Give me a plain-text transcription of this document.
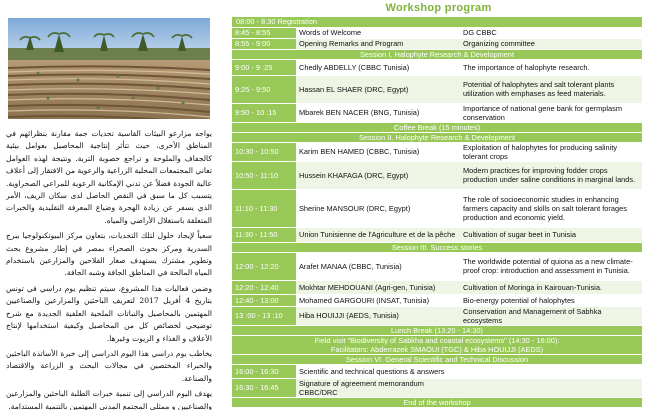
يواجه مزارعو البيئات القاسية تحديات جمة مقارنة بنظرائهم في المناطق الأخرى، حيث تتأثر إنتاجية المحاصيل بعوامل بيئية كالجفاف والملوحة و تراجع خصوبة التربة. ونتيجة لهذه العوامل تعاني المجتمعات المحلية الزراعية والرعوية من الافتقار إلى أعلاف عالية الجودة فضلاً عن تدني الإمكانية الرعوية للمراعي الصحراوية. يتسبب كل ما سبق في النقص الحاصل لدى سكان الريف، الأمر الذي يسفر عن زيادة الهجرة وضياع المعرفة التقليدية والخبرات المتعلقة باستغلال الأراضي والمياه.

سعياً لإيجاد حلول لتلك التحديات، يتعاون مركز البيوتكنولوجيا ببرج السدرية ومركز بحوث الصحراء بمصر في إطار مشروع بحث وتطوير مشترك يستهدف صغار الفلاحين والمزارعين باستخدام المياه المالحة في المناطق الجافة وشبه الجافة.

وضمن فعاليات هذا المشروع، سيتم تنظيم يوم دراسي في تونس بتاريخ 4 أفريل 2017 لتعريف الباحثين والمزارعين والصناعيين المهتمين بالمحاصيل والنباتات الملحية العلفية الجديدة مع شرح توضيحي لخصائص كل من المحاصيل وكيفية استخدامها لإنتاج الأعلاف و الغذاء و الزيوت وغيرها.

يخاطب يوم دراسي هذا اليوم الدراسي إلى خبرة الأساتذة الباحثين والخبراء المختصين في مجالات البحث و الزراعة والاقتصاد والصناعة.

يهدف اليوم الدراسي إلى تنمية خبرات الطلبة الباحثين والمزارعين والصناعيين و ممثلي المجتمع المدني المهتمين بالتنمية المستدامة.

Workshop program
08:00 - 8:30 Registration		
8:45 - 8:55	Words of Welcome	DG CBBC
8:55 - 9:00	Opening Remarks and Program	Organizing committee
Session I. Halophyte Research & Development		
9:00 - 9 :25	Chedly ABDELLY (CBBC Tunisia)	The importance of halophyte research.
9:25 - 9:50	Hassan EL SHAER (DRC, Egypt)	Potential of halophytes and salt tolerant plants utilization with emphases as feed materials.
9:50 - 10 :15	Mbarek BEN NACER (BNG, Tunisia)	Importance of national gene bank for germplasm conservation
Coffee Break (15 minutes)		
Session II. Halophyte Research & Development		
10:30 - 10:50	Karim BEN HAMED (CBBC, Tunisia)	Exploitation of halophytes for producing salinity tolerant crops
10:50 - 11:10	Hussein KHAFAGA (DRC, Egypt)	Modern practices for improving fodder crops production under saline conditions in marginal lands.
11:10 - 11:30	Sherine MANSOUR (DRC, Egypt)	The role of socioeconomic studies in enhancing farmers capacity and skills on salt tolerant forages production and economic yield.
11:30 - 11:50	Union Tunisienne de l'Agriculture et de la pêche	Cultivation of sugar beet in Tunisia
Session III. Success stories		
12:00 - 12:20	Arafet MANAA (CBBC, Tunisia)	The worldwide potential of quiona as a new climate-proof crop: introduction and assessment in Tunisia.
12:20 - 12:40	Mokhtar MEHDOUANI (Agri-gen, Tunisia)	Cultivation of Moringa in Kairouan-Tunisia.
12:40 - 13:00	Mohamed GARGOURI (INSAT, Tunisia)	Bio-energy potential of halophytes
13 :00 - 13 :10	Hiba HOUIJJI (AEDS, Tunisia)	Conservation and Management of Sabhka ecosystems
Lunch Break (13:20 - 14:30)		

Field visit "Biodiversity of Sabkha and coastal ecosystems" (14:30 - 16:00):
Facilitators: Abderrazek SMAOUI (TGC) & Hiba HOUIJJI (AEDS)		

Session VI. General Scientific and Technical Discussion		
16:00 - 16:30	Scientific and technical questions & answers	
16:30 - 16:45	Signature of agreement memorandum CBBC/DRC	
End of the workshop		
